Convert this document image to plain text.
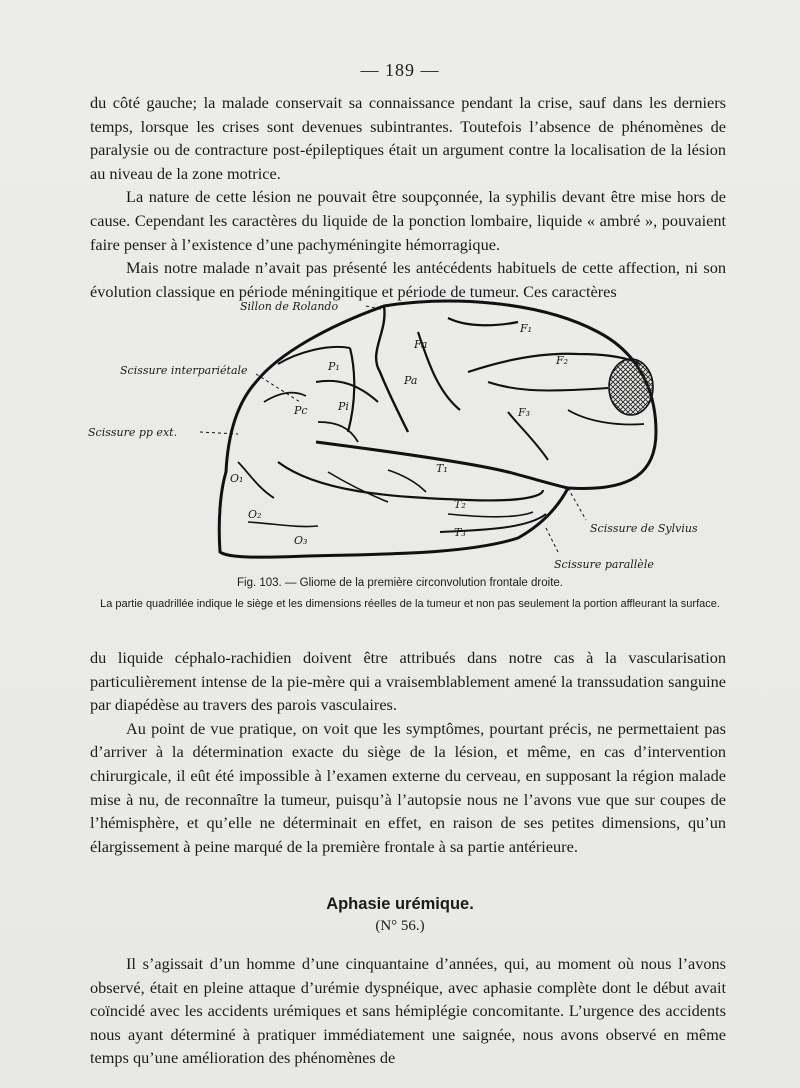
— 189 —

du côté gauche; la malade conservait sa connaissance pendant la crise, sauf dans les derniers temps, lorsque les crises sont devenues subintrantes. Toutefois l’absence de phénomènes de paralysie ou de contracture post-épileptiques était un argument contre la localisation de la lésion au niveau de la zone motrice.

La nature de cette lésion ne pouvait être soupçonnée, la syphilis devant être mise hors de cause. Cependant les caractères du liquide de la ponction lombaire, liquide « ambré », pouvaient faire penser à l’existence d’une pachyméningite hémorragique.

Mais notre malade n’avait pas présenté les antécédents habituels de cette affection, ni son évolution classique en période méningitique et période de tumeur. Ces caractères

Sillon de Rolando
Scissure interpariétale
Scissure pp ext.
Scissure de Sylvius
Scissure parallèle
F₁
F₂
F₃
Fa
Pa
P₁
Pc	Pi
T₁
T₂
T₃
O₁
O₂
O₃
Fig. 103. — Gliome de la première circonvolution frontale droite.
La partie quadrillée indique le siège et les dimensions réelles de la tumeur et non pas seulement la portion affleurant la surface.

du liquide céphalo-rachidien doivent être attribués dans notre cas à la vascularisation particulièrement intense de la pie-mère qui a vraisemblablement amené la transsudation sanguine par diapédèse au travers des parois vasculaires.

Au point de vue pratique, on voit que les symptômes, pourtant précis, ne permettaient pas d’arriver à la détermination exacte du siège de la lésion, et même, en cas d’intervention chirurgicale, il eût été impossible à l’examen externe du cerveau, en supposant la région malade mise à nu, de reconnaître la tumeur, puisqu’à l’autopsie nous ne l’avons vue que sur coupes de l’hémisphère, et qu’elle ne déterminait en effet, en raison de ses petites dimensions, qu’un élargissement à peine marqué de la première frontale à sa partie antérieure.

Aphasie urémique.
(N° 56.)

Il s’agissait d’un homme d’une cinquantaine d’années, qui, au moment où nous l’avons observé, était en pleine attaque d’urémie dyspnéique, avec aphasie complète dont le début avait coïncidé avec les accidents urémiques et sans hémiplégie concomitante. L’urgence des accidents nous ayant déterminé à pratiquer immédiatement une saignée, nous avons observé en même temps qu’une amélioration des phénomènes de
